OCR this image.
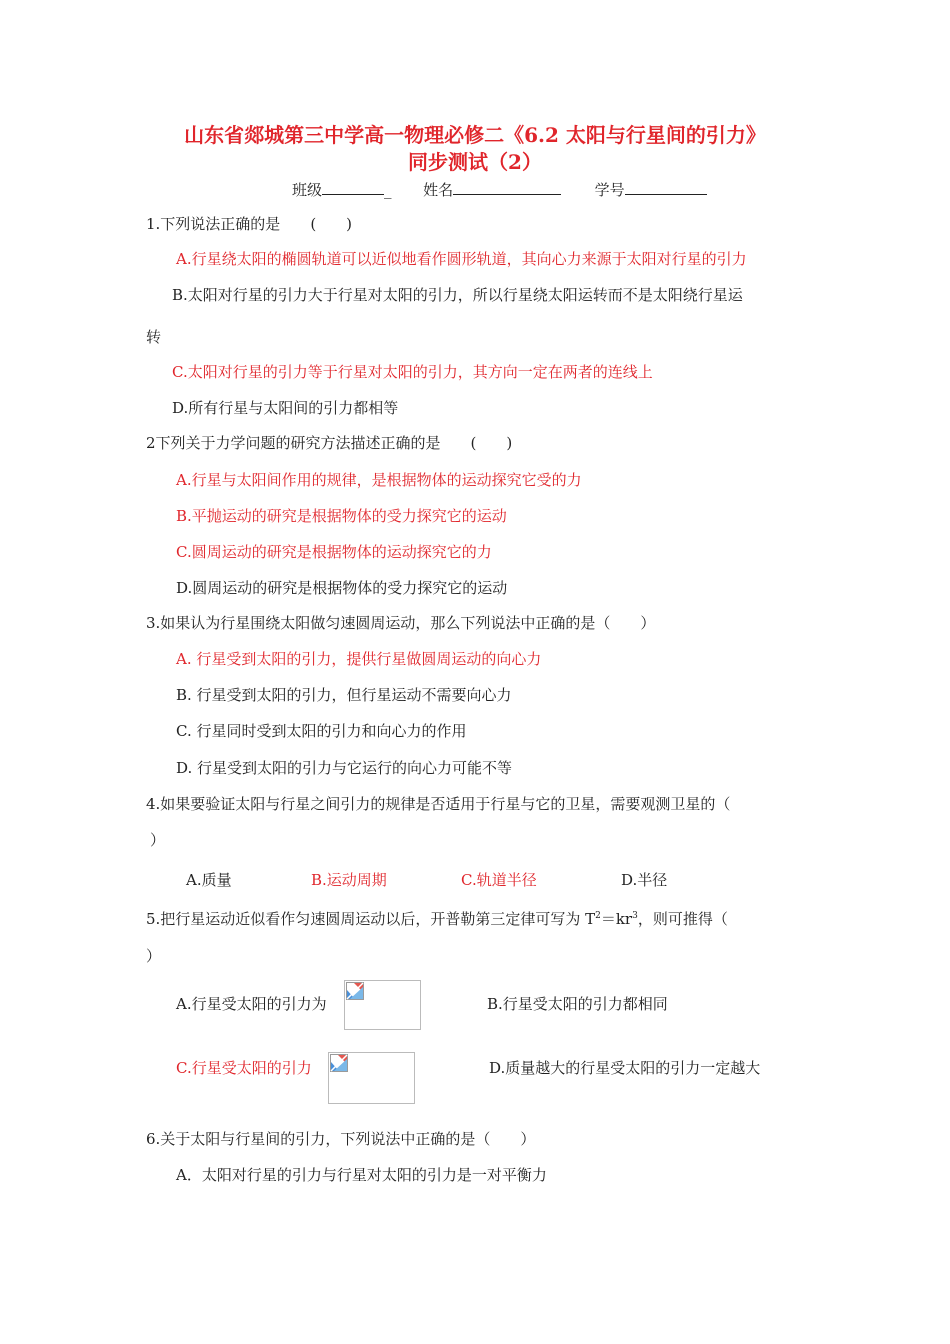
山东省郯城第三中学高一物理必修二《6.2 太阳与行星间的引力》
同步测试（2）
班级	_ 姓名	学号
1.下列说法正确的是　　(　　)
A.行星绕太阳的椭圆轨道可以近似地看作圆形轨道，其向心力来源于太阳对行星的引力
B.太阳对行星的引力大于行星对太阳的引力，所以行星绕太阳运转而不是太阳绕行星运
转
C.太阳对行星的引力等于行星对太阳的引力，其方向一定在两者的连线上
D.所有行星与太阳间的引力都相等
2下列关于力学问题的研究方法描述正确的是　　(　　)
A.行星与太阳间作用的规律，是根据物体的运动探究它受的力
B.平抛运动的研究是根据物体的受力探究它的运动
C.圆周运动的研究是根据物体的运动探究它的力
D.圆周运动的研究是根据物体的受力探究它的运动
3.如果认为行星围绕太阳做匀速圆周运动，那么下列说法中正确的是（　　）
A. 行星受到太阳的引力，提供行星做圆周运动的向心力
B. 行星受到太阳的引力，但行星运动不需要向心力
C. 行星同时受到太阳的引力和向心力的作用
D. 行星受到太阳的引力与它运行的向心力可能不等
4.如果要验证太阳与行星之间引力的规律是否适用于行星与它的卫星，需要观测卫星的（
）
A.质量	B.运动周期	C.轨道半径	D.半径
5.把行星运动近似看作匀速圆周运动以后，开普勒第三定律可写为 $T^2=kr^3$，则可推得（
）
A.行星受太阳的引力为	B.行星受太阳的引力都相同
C.行星受太阳的引力	D.质量越大的行星受太阳的引力一定越大
6.关于太阳与行星间的引力，下列说法中正确的是（　　）
A．太阳对行星的引力与行星对太阳的引力是一对平衡力
